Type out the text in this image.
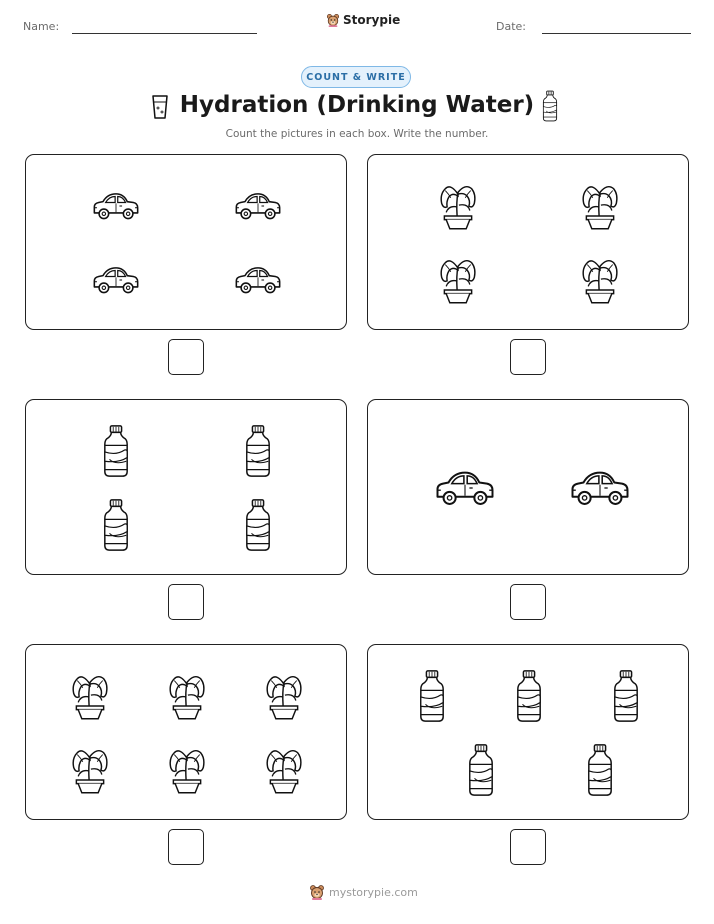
Name:	Storypie	Date:
COUNT & WRITE
Hydration (Drinking Water)
Count the pictures in each box. Write the number.
mystorypie.com
